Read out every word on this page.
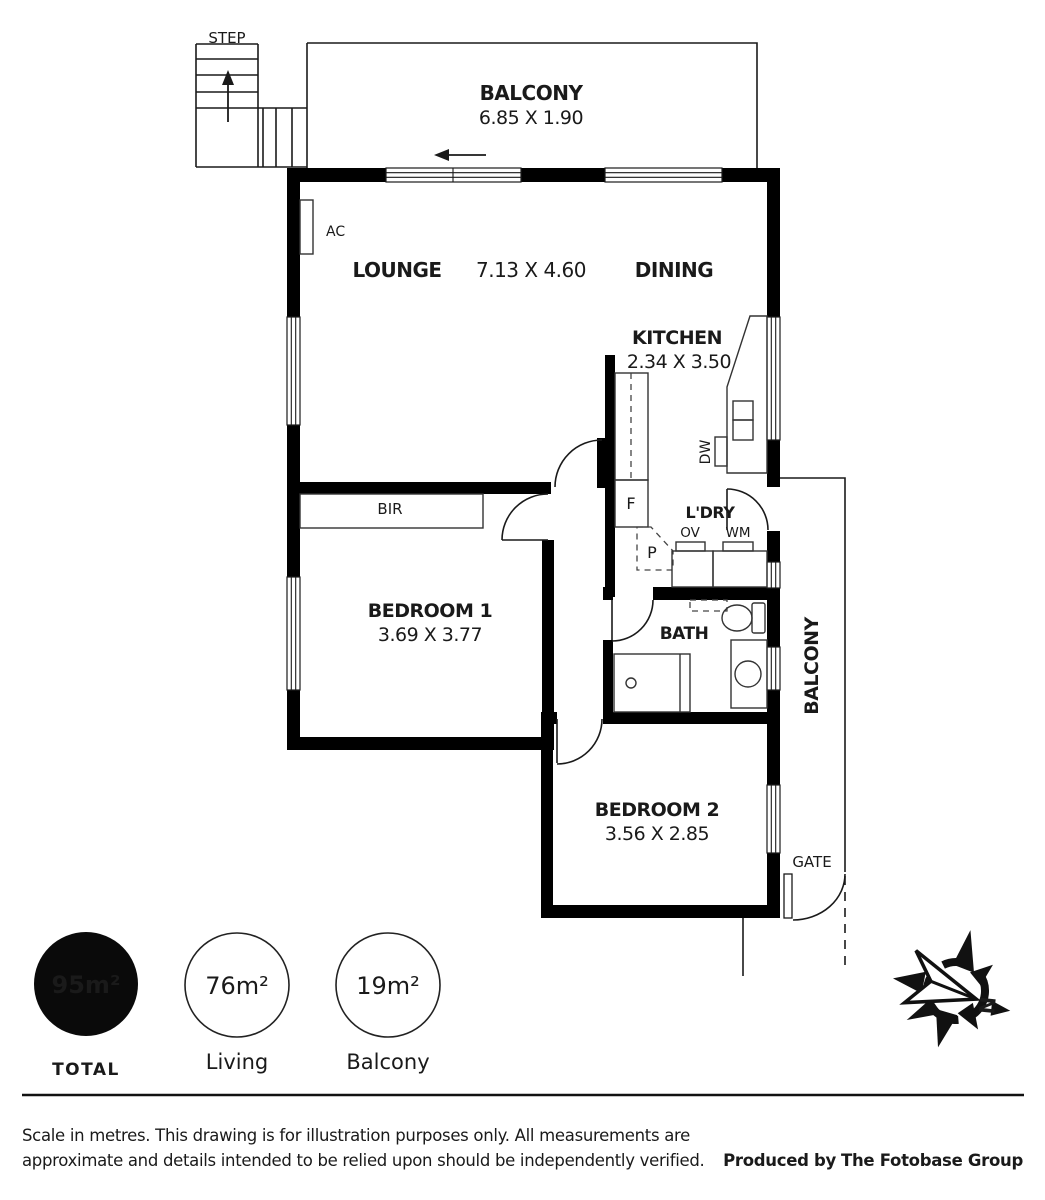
STEP
BALCONY
6.85 X 1.90
LOUNGE 7.13 X 4.60 DINING
KITCHEN
2.34 X 3.50
AC
BIR	F
P
DW
L'DRY
OV WM
BATH
BEDROOM 1
3.69 X 3.77
BEDROOM 2
3.56 X 2.85
BALCONY
GATE
95m²
TOTAL
76m²
Living
19m²
Balcony
N
Scale in metres. This drawing is for illustration purposes only. All measurements are
approximate and details intended to be relied upon should be independently verified. Produced by The Fotobase Group
